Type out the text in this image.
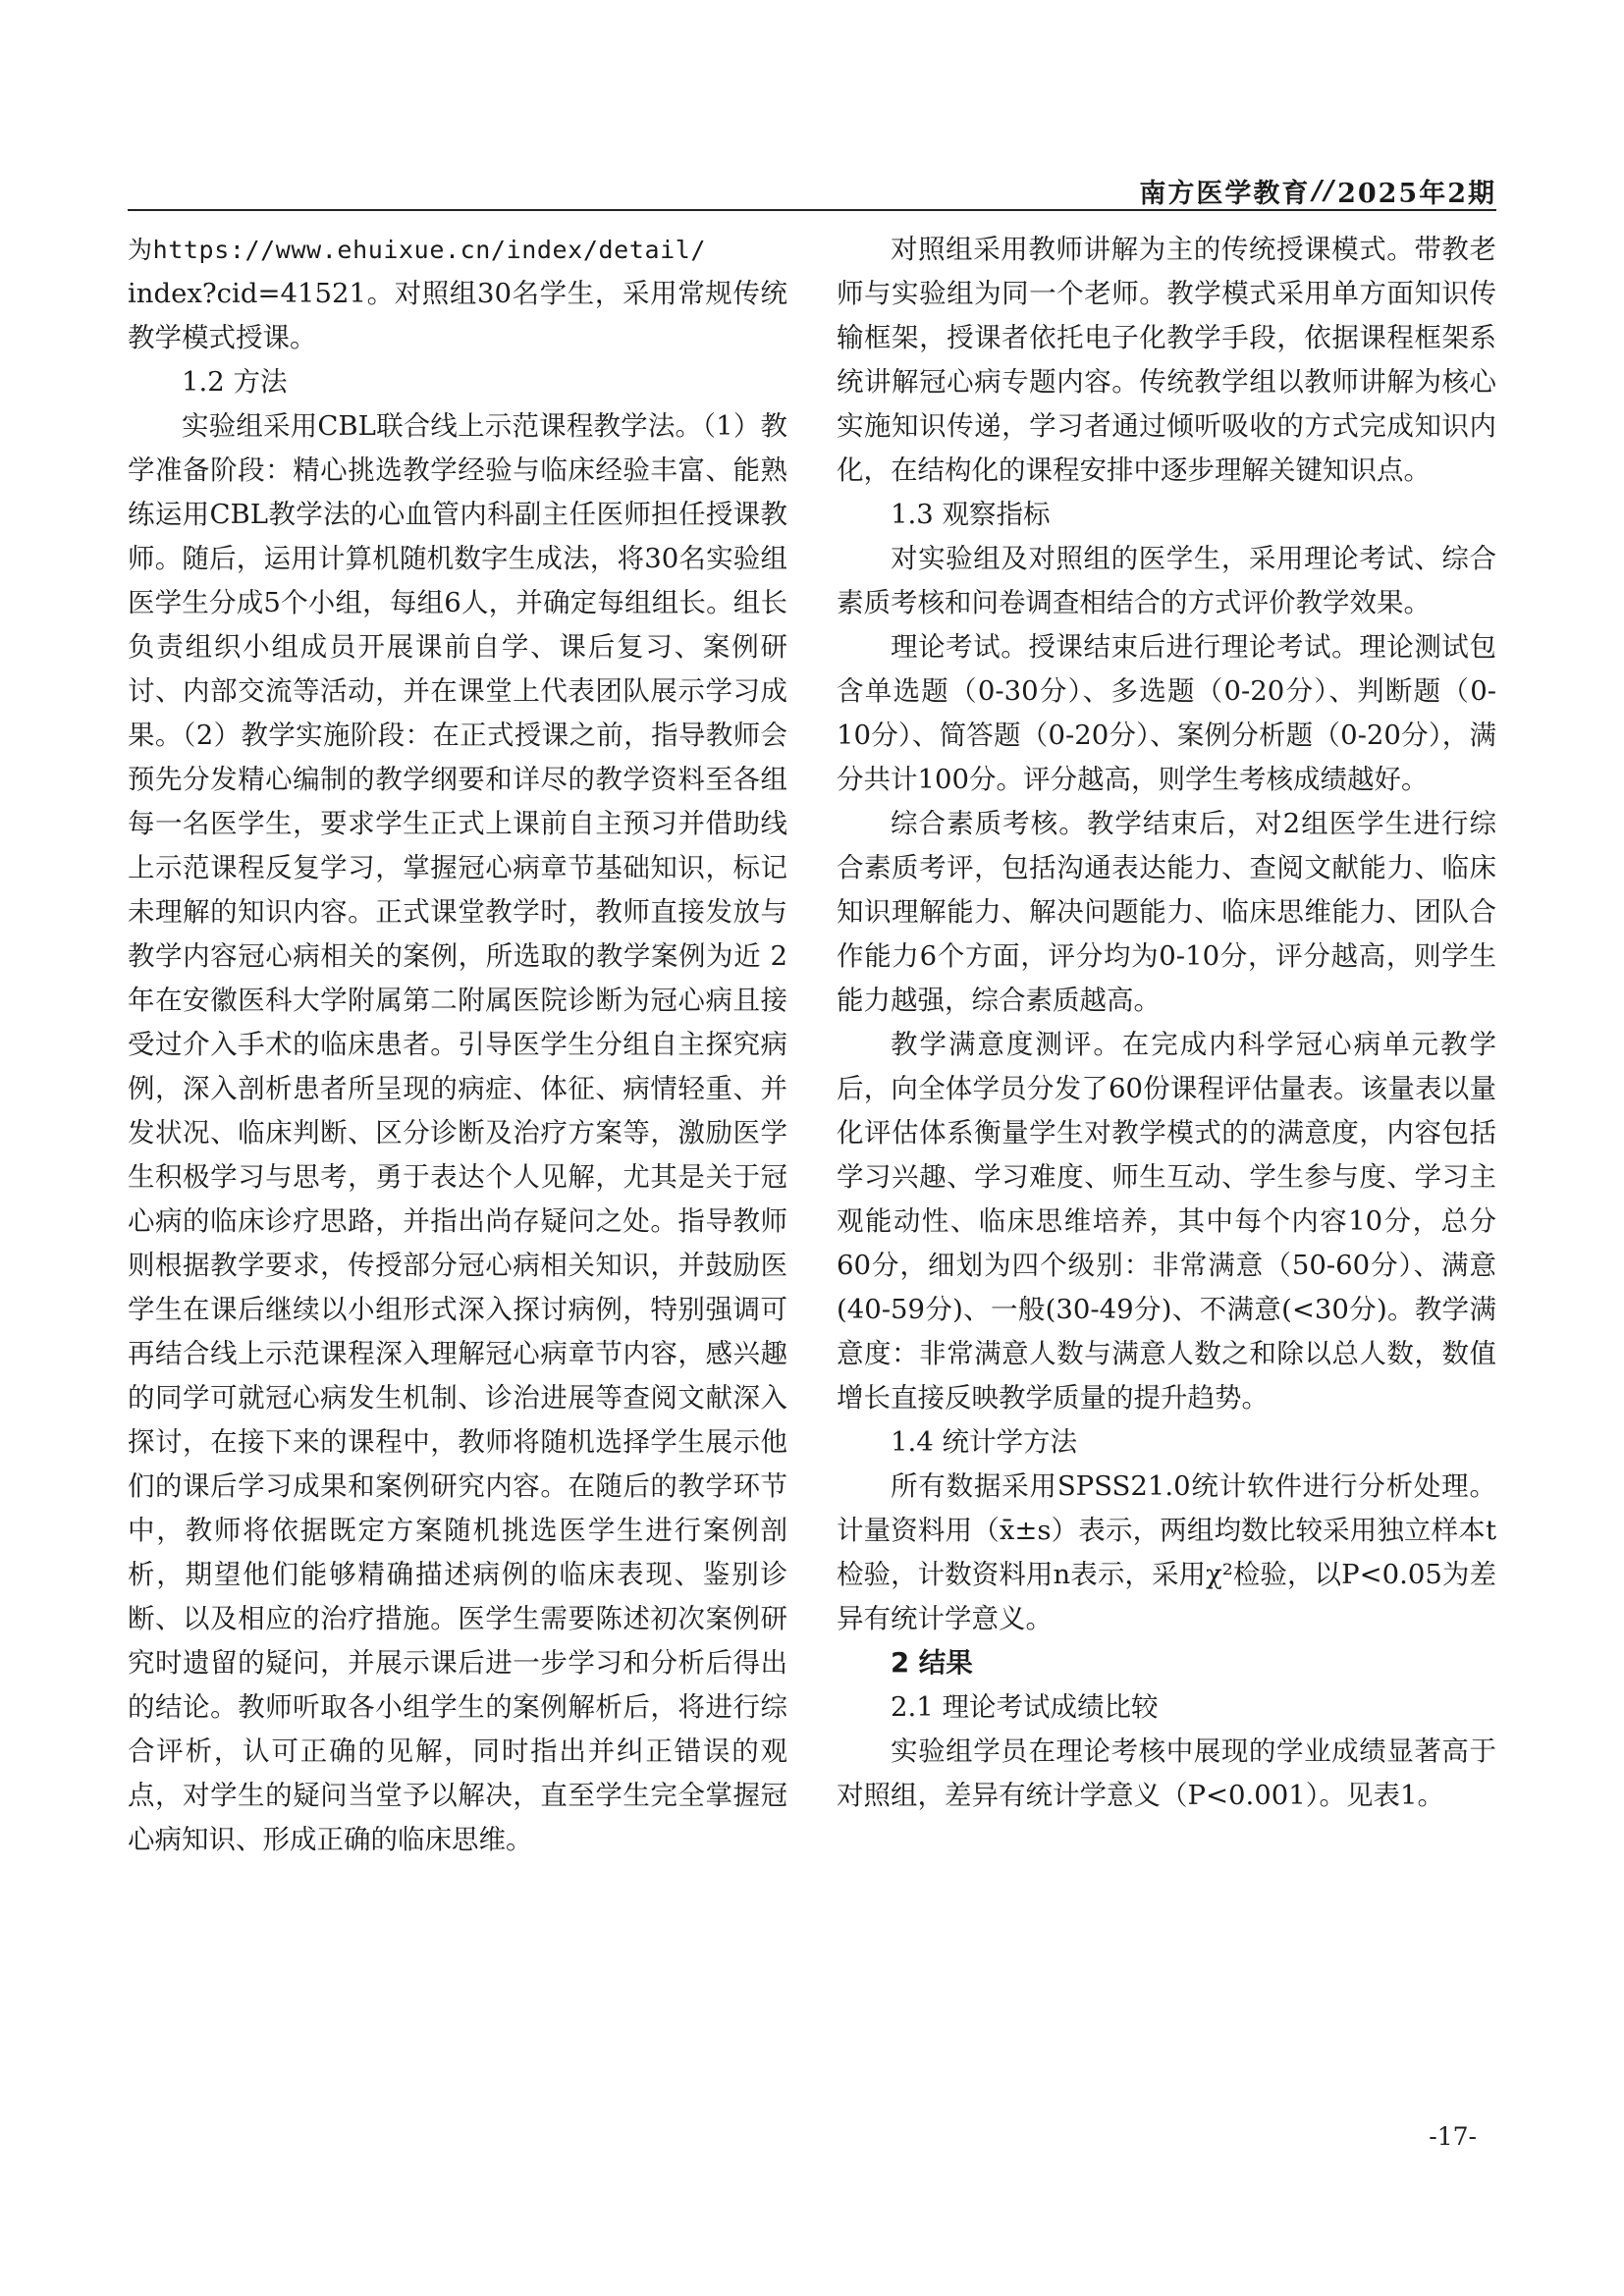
南方医学教育 // 2025年2期

为https://www.ehuixue.cn/index/detail/

index?cid=41521。对照组30名学生，采用常规传统教学模式授课。

1.2 方法

实验组采用CBL联合线上示范课程教学法。（1）教学准备阶段：精心挑选教学经验与临床经验丰富、能熟练运用CBL教学法的心血管内科副主任医师担任授课教师。随后，运用计算机随机数字生成法，将30名实验组医学生分成5个小组，每组6人，并确定每组组长。组长负责组织小组成员开展课前自学、课后复习、案例研讨、内部交流等活动，并在课堂上代表团队展示学习成果。（2）教学实施阶段：在正式授课之前，指导教师会预先分发精心编制的教学纲要和详尽的教学资料至各组每一名医学生，要求学生正式上课前自主预习并借助线上示范课程反复学习，掌握冠心病章节基础知识，标记未理解的知识内容。正式课堂教学时，教师直接发放与教学内容冠心病相关的案例，所选取的教学案例为近 2年在安徽医科大学附属第二附属医院诊断为冠心病且接受过介入手术的临床患者。引导医学生分组自主探究病例，深入剖析患者所呈现的病症、体征、病情轻重、并发状况、临床判断、区分诊断及治疗方案等，激励医学生积极学习与思考，勇于表达个人见解，尤其是关于冠心病的临床诊疗思路，并指出尚存疑问之处。指导教师则根据教学要求，传授部分冠心病相关知识，并鼓励医学生在课后继续以小组形式深入探讨病例，特别强调可再结合线上示范课程深入理解冠心病章节内容，感兴趣的同学可就冠心病发生机制、诊治进展等查阅文献深入探讨，在接下来的课程中，教师将随机选择学生展示他们的课后学习成果和案例研究内容。在随后的教学环节中，教师将依据既定方案随机挑选医学生进行案例剖析，期望他们能够精确描述病例的临床表现、鉴别诊断、以及相应的治疗措施。医学生需要陈述初次案例研究时遗留的疑问，并展示课后进一步学习和分析后得出的结论。教师听取各小组学生的案例解析后，将进行综合评析，认可正确的见解，同时指出并纠正错误的观点，对学生的疑问当堂予以解决，直至学生完全掌握冠心病知识、形成正确的临床思维。

对照组采用教师讲解为主的传统授课模式。带教老师与实验组为同一个老师。教学模式采用单方面知识传输框架，授课者依托电子化教学手段，依据课程框架系统讲解冠心病专题内容。传统教学组以教师讲解为核心实施知识传递，学习者通过倾听吸收的方式完成知识内化，在结构化的课程安排中逐步理解关键知识点。

1.3 观察指标

对实验组及对照组的医学生，采用理论考试、综合素质考核和问卷调查相结合的方式评价教学效果。

理论考试。授课结束后进行理论考试。理论测试包含单选题（0-30分）、多选题（0-20分）、判断题（0-10分）、简答题（0-20分）、案例分析题（0-20分），满分共计100分。评分越高，则学生考核成绩越好。

综合素质考核。教学结束后，对2组医学生进行综合素质考评，包括沟通表达能力、查阅文献能力、临床知识理解能力、解决问题能力、临床思维能力、团队合作能力6个方面，评分均为0-10分，评分越高，则学生能力越强，综合素质越高。

教学满意度测评。在完成内科学冠心病单元教学后，向全体学员分发了60份课程评估量表。该量表以量化评估体系衡量学生对教学模式的的满意度，内容包括学习兴趣、学习难度、师生互动、学生参与度、学习主观能动性、临床思维培养，其中每个内容10分，总分60分，细划为四个级别：非常满意（50-60分）、满意(40-59分)、一般(30-49分)、不满意(<30分)。教学满意度：非常满意人数与满意人数之和除以总人数，数值增长直接反映教学质量的提升趋势。

1.4 统计学方法

所有数据采用SPSS21.0统计软件进行分析处理。计量资料用（x̄±s）表示，两组均数比较采用独立样本t检验，计数资料用n表示，采用χ²检验，以P<0.05为差异有统计学意义。

2 结果
2.1 理论考试成绩比较

实验组学员在理论考核中展现的学业成绩显著高于对照组，差异有统计学意义（P<0.001）。见表1。

-17-
